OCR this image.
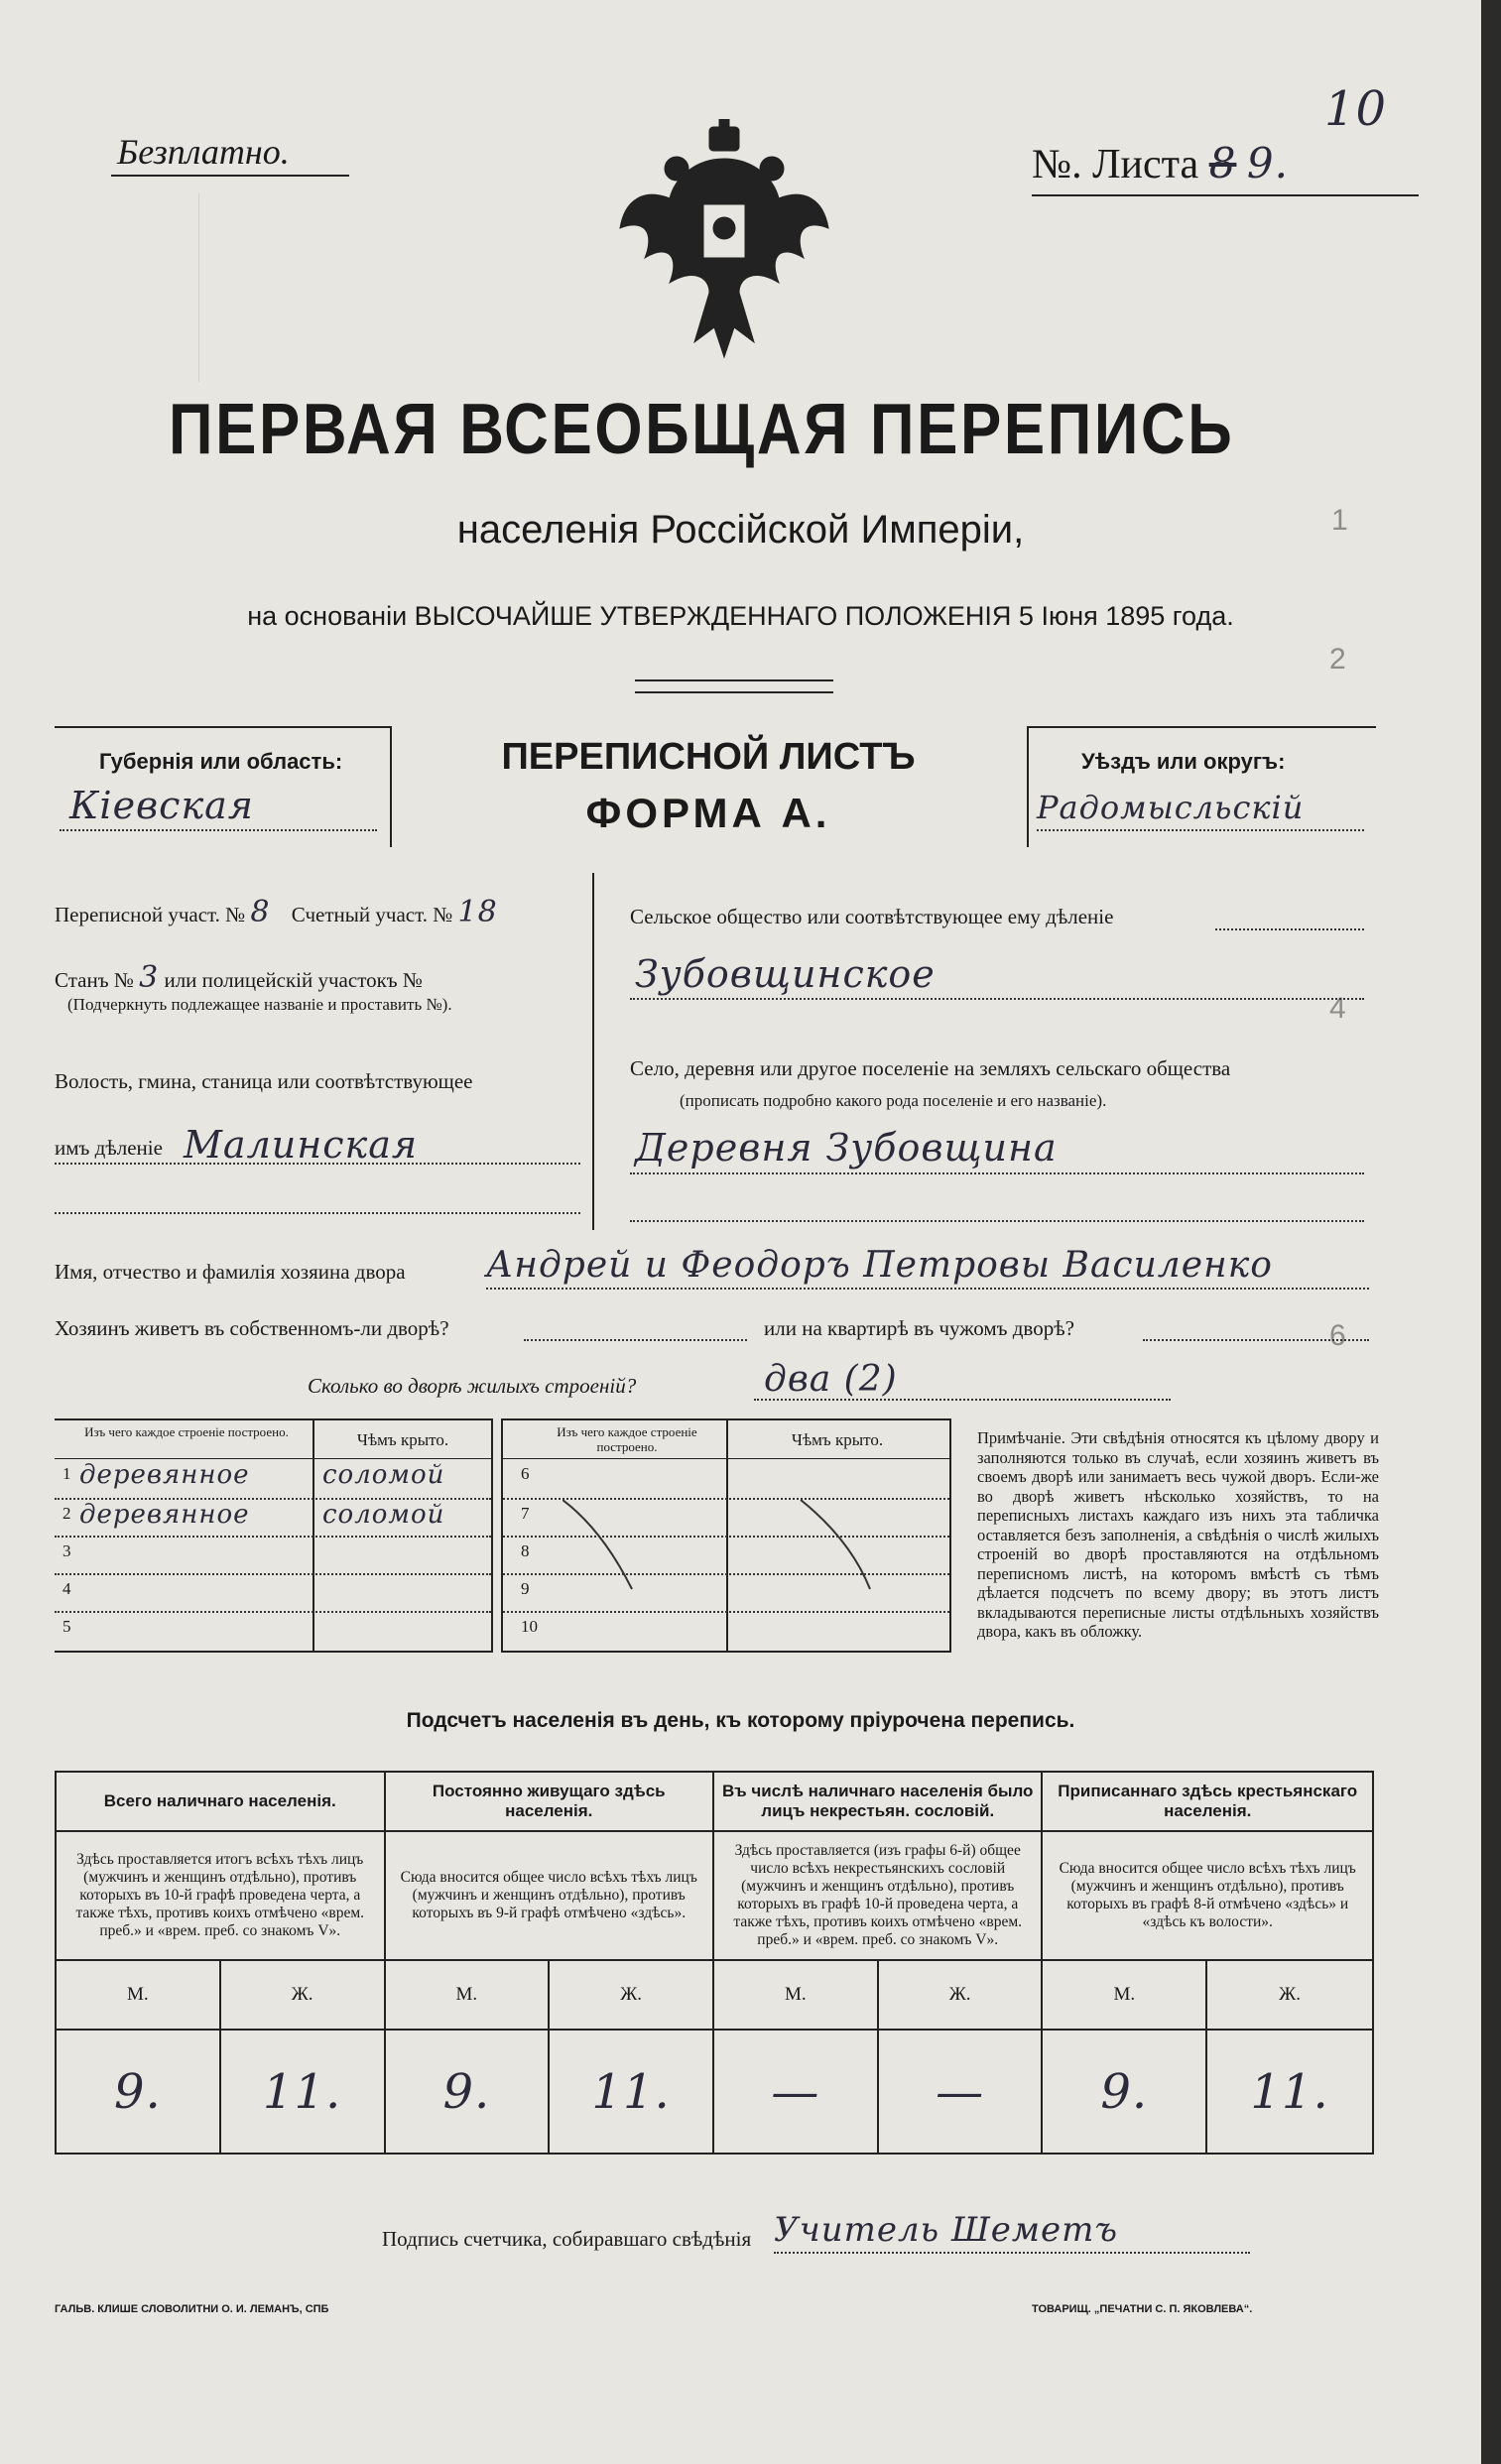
1
2
4
6
Безплатно.	№. Листа 8 9.
10
ПЕРВАЯ ВСЕОБЩАЯ ПЕРЕПИСЬ
населенія Россійской Имперіи,
на основаніи ВЫСОЧАЙШЕ УТВЕРЖДЕННАГО ПОЛОЖЕНІЯ 5 Іюня 1895 года.
Губернія или область:
Кіевская
ПЕРЕПИСНОЙ ЛИСТЪ
ФОРМА А.
Уѣздъ или округъ:
Радомысльскій
Переписной участ. № 8 Счетный участ. № 18
Станъ № 3 или полицейскій участокъ №
(Подчеркнуть подлежащее названіе и проставить №).
Волость, гмина, станица или соотвѣтствующее
имъ дѣленіе Малинская
Сельское общество или соотвѣтствующее ему дѣленіе
Зубовщинское
Село, деревня или другое поселеніе на земляхъ сельскаго общества
(прописать подробно какого рода поселеніе и его названіе).
Деревня Зубовщина
Имя, отчество и фамилія хозяина двора Андрей и Феодоръ Петровы Василенко
Хозяинъ живетъ въ собственномъ-ли дворѣ?	или на квартирѣ въ чужомъ дворѣ?
Сколько во дворѣ жилыхъ строеній?	два (2)
Изъ чего каждое строеніе построено.	Чѣмъ крыто.
1 деревянное	соломой
2 деревянное	соломой
3
4
5
Изъ чего каждое строеніе построено.	Чѣмъ крыто.
6
7
8
9
10
Примѣчаніе. Эти свѣдѣнія относятся къ цѣлому двору и заполняются только въ случаѣ, если хозяинъ живетъ въ своемъ дворѣ или занимаетъ весь чужой дворъ. Если-же во дворѣ живетъ нѣсколько хозяйствъ, то на переписныхъ листахъ каждаго изъ нихъ эта табличка оставляется безъ заполненія, а свѣдѣнія о числѣ жилыхъ строеній во дворѣ проставляются на отдѣльномъ переписномъ листѣ, на которомъ вмѣстѣ съ тѣмъ дѣлается подсчетъ по всему двору; въ этотъ листъ вкладываются переписные листы отдѣльныхъ хозяйствъ двора, какъ въ обложку.
Подсчетъ населенія въ день, къ которому пріурочена перепись.
Всего наличнаго населенія.		Постоянно живущаго здѣсь населенія.		Въ числѣ наличнаго населенія было лицъ некрестьян. сословій.		Приписаннаго здѣсь крестьянскаго населенія.	
Здѣсь проставляется итогъ всѣхъ тѣхъ лицъ (мужчинъ и женщинъ отдѣльно), противъ которыхъ въ 10-й графѣ проведена черта, а также тѣхъ, противъ коихъ отмѣчено «врем. преб.» и «врем. преб. со знакомъ V».		Сюда вносится общее число всѣхъ тѣхъ лицъ (мужчинъ и женщинъ отдѣльно), противъ которыхъ въ 9-й графѣ отмѣчено «здѣсь».		Здѣсь проставляется (изъ графы 6-й) общее число всѣхъ некрестьянскихъ сословій (мужчинъ и женщинъ отдѣльно), противъ которыхъ въ графѣ 10-й проведена черта, а также тѣхъ, противъ коихъ отмѣчено «врем. преб.» и «врем. преб. со знакомъ V».		Сюда вносится общее число всѣхъ тѣхъ лицъ (мужчинъ и женщинъ отдѣльно), противъ которыхъ въ графѣ 8-й отмѣчено «здѣсь» и «здѣсь къ волости».	
М.	Ж.	М.	Ж.	М.	Ж.	М.	Ж.
9.	11.	9.	11.	—	—	9.	11.
Подпись счетчика, собиравшаго свѣдѣнія Учитель Шеметъ
ГАЛЬВ. КЛИШЕ СЛОВОЛИТНИ О. И. ЛЕМАНЪ, СПБ	ТОВАРИЩ. „ПЕЧАТНИ С. П. ЯКОВЛЕВА“.
